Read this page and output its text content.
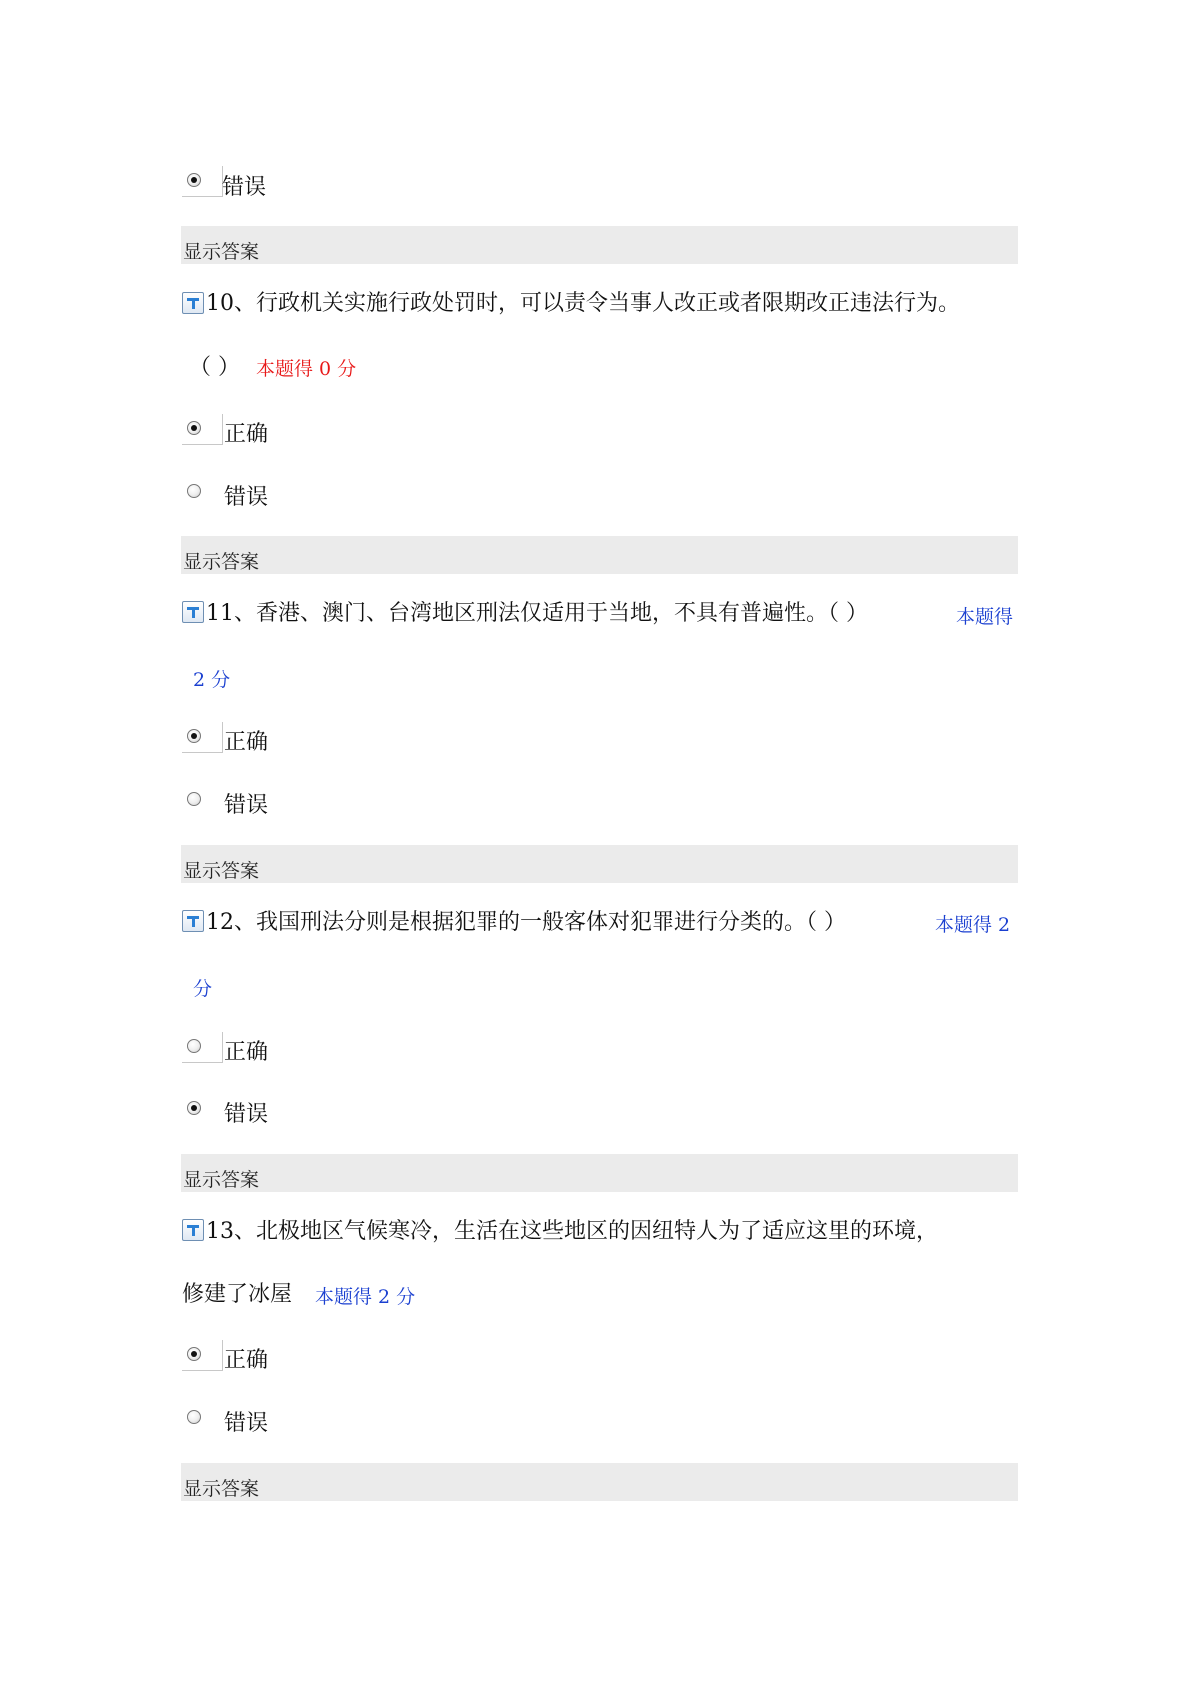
错误
显示答案
10、行政机关实施行政处罚时，可以责令当事人改正或者限期改正违法行为。
（ ） 本题得 0 分
正确
错误
显示答案
11、香港、澳门、台湾地区刑法仅适用于当地，不具有普遍性。（ ）	本题得
2 分
正确
错误
显示答案
12、我国刑法分则是根据犯罪的一般客体对犯罪进行分类的。（ ）	本题得 2
分
正确
错误
显示答案
13、北极地区气候寒冷，生活在这些地区的因纽特人为了适应这里的环境，
修建了冰屋 本题得 2 分
正确
错误
显示答案
